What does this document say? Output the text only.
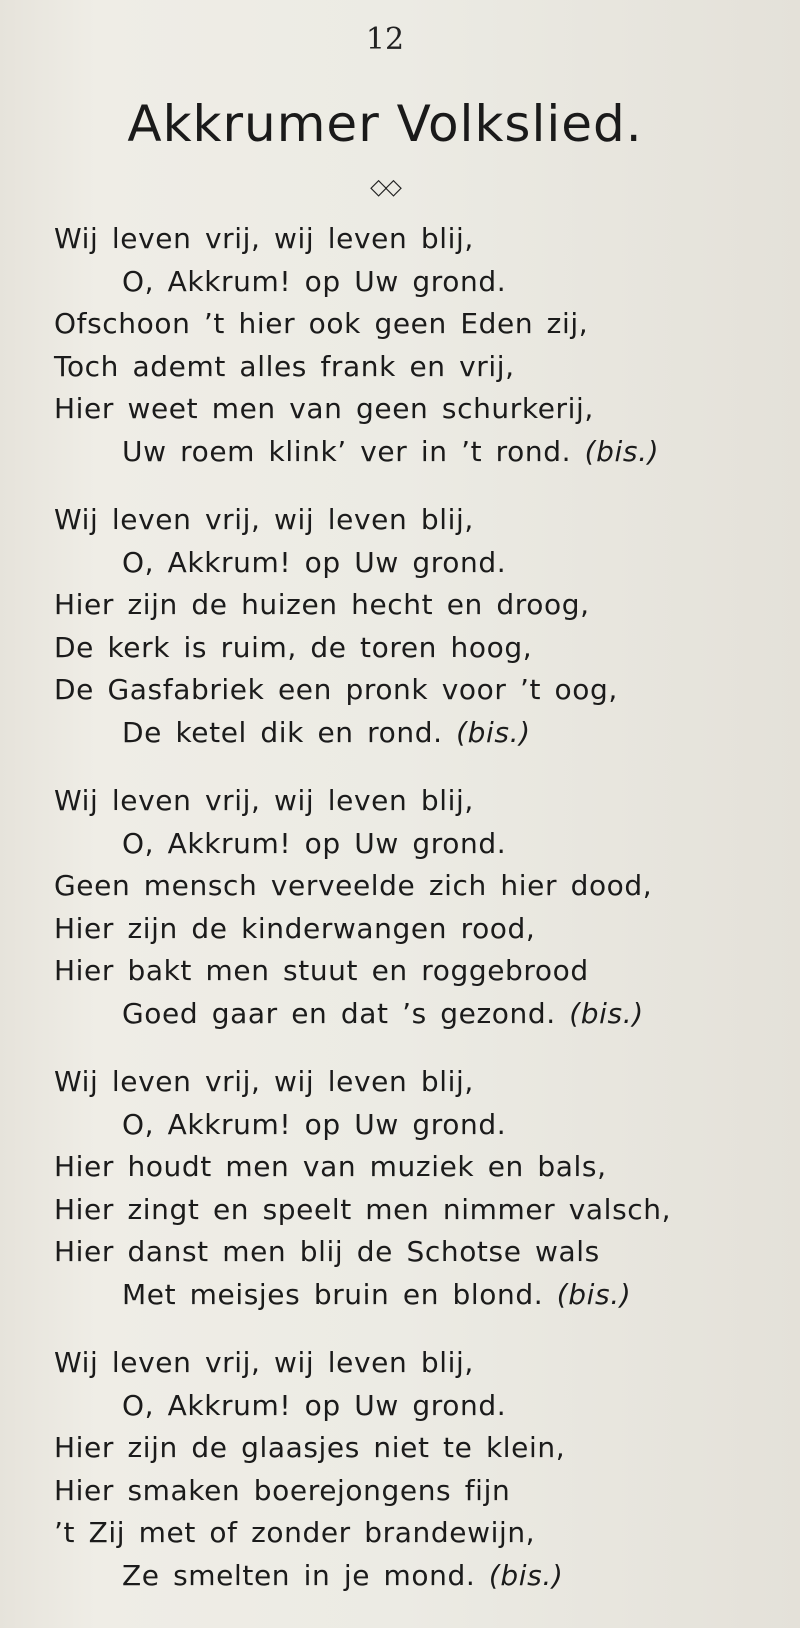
12
Akkrumer Volkslied.
◇◇
Wij leven vrij, wij leven blij,
O, Akkrum! op Uw grond.
Ofschoon ’t hier ook geen Eden zij,
Toch ademt alles frank en vrij,
Hier weet men van geen schurkerij,
Uw roem klink’ ver in ’t rond. (bis.)
Wij leven vrij, wij leven blij,
O, Akkrum! op Uw grond.
Hier zijn de huizen hecht en droog,
De kerk is ruim, de toren hoog,
De Gasfabriek een pronk voor ’t oog,
De ketel dik en rond. (bis.)
Wij leven vrij, wij leven blij,
O, Akkrum! op Uw grond.
Geen mensch verveelde zich hier dood,
Hier zijn de kinderwangen rood,
Hier bakt men stuut en roggebrood
Goed gaar en dat ’s gezond. (bis.)
Wij leven vrij, wij leven blij,
O, Akkrum! op Uw grond.
Hier houdt men van muziek en bals,
Hier zingt en speelt men nimmer valsch,
Hier danst men blij de Schotse wals
Met meisjes bruin en blond. (bis.)
Wij leven vrij, wij leven blij,
O, Akkrum! op Uw grond.
Hier zijn de glaasjes niet te klein,
Hier smaken boerejongens fijn
’t Zij met of zonder brandewijn,
Ze smelten in je mond. (bis.)
